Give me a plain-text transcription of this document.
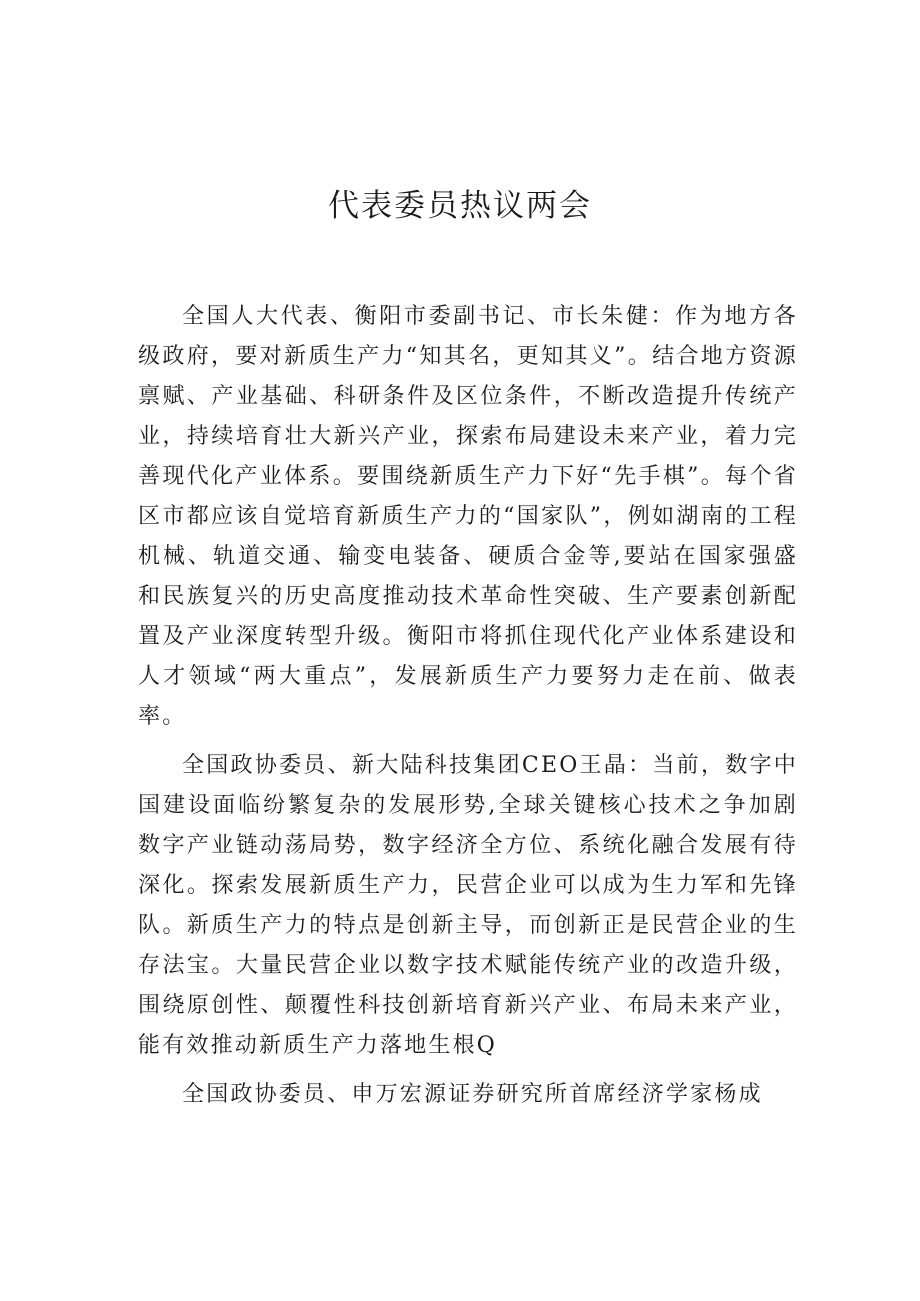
代表委员热议两会

全国人大代表、衡阳市委副书记、市长朱健：作为地方各级政府，要对新质生产力“知其名，更知其义”。结合地方资源禀赋、产业基础、科研条件及区位条件，不断改造提升传统产业，持续培育壮大新兴产业，探索布局建设未来产业，着力完善现代化产业体系。要围绕新质生产力下好“先手棋”。每个省区市都应该自觉培育新质生产力的“国家队”，例如湖南的工程机械、轨道交通、输变电装备、硬质合金等,要站在国家强盛和民族复兴的历史高度推动技术革命性突破、生产要素创新配置及产业深度转型升级。衡阳市将抓住现代化产业体系建设和人才领域“两大重点”，发展新质生产力要努力走在前、做表率。

全国政协委员、新大陆科技集团CEO王晶：当前，数字中国建设面临纷繁复杂的发展形势,全球关键核心技术之争加剧数字产业链动荡局势，数字经济全方位、系统化融合发展有待深化。探索发展新质生产力，民营企业可以成为生力军和先锋队。新质生产力的特点是创新主导，而创新正是民营企业的生存法宝。大量民营企业以数字技术赋能传统产业的改造升级，围绕原创性、颠覆性科技创新培育新兴产业、布局未来产业，能有效推动新质生产力落地生根Q

全国政协委员、申万宏源证券研究所首席经济学家杨成
